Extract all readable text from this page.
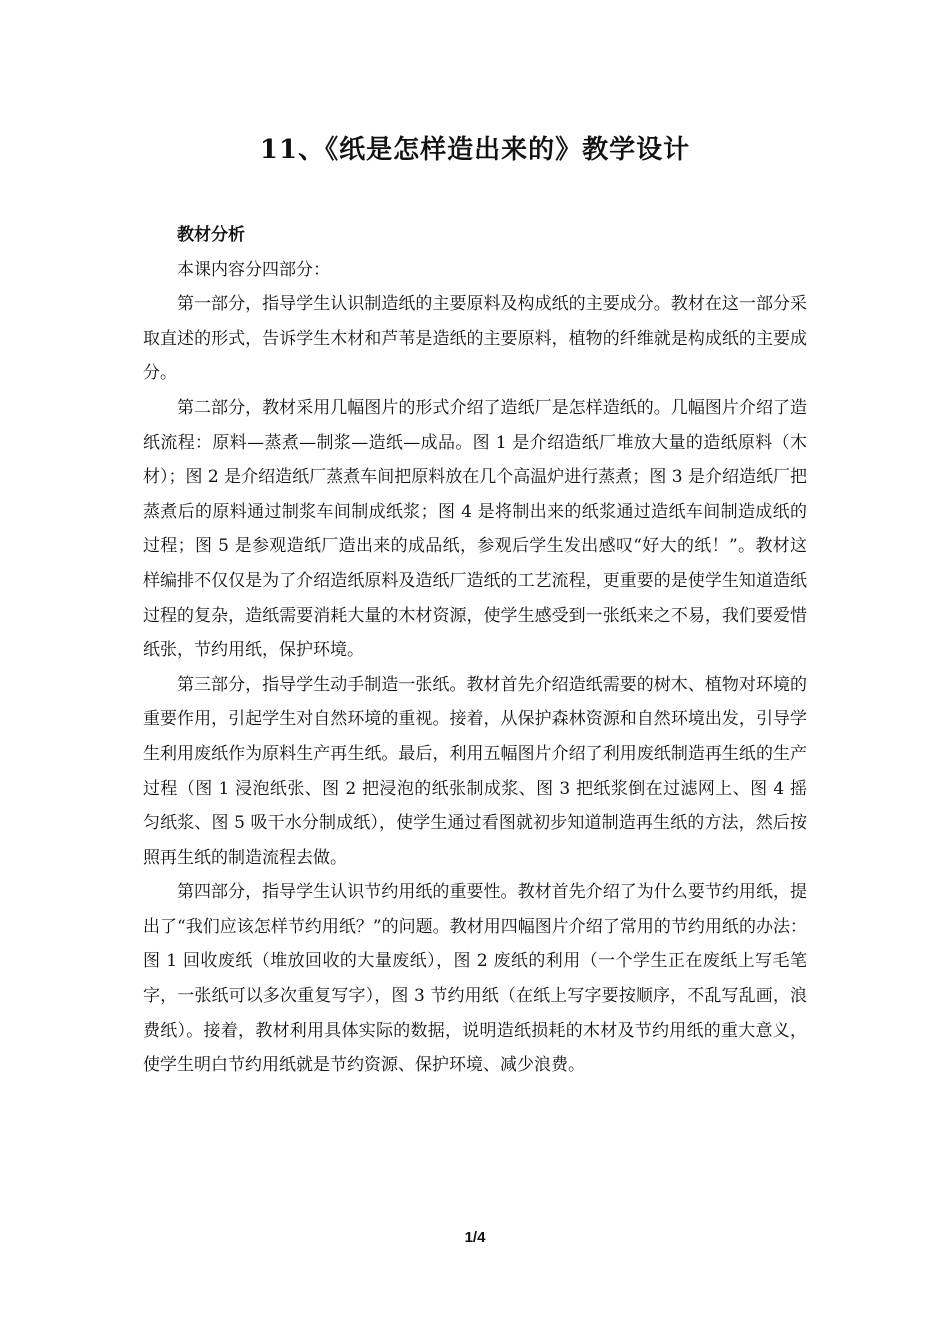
11、《纸是怎样造出来的》教学设计

教材分析

本课内容分四部分：

第一部分，指导学生认识制造纸的主要原料及构成纸的主要成分。教材在这一部分采取直述的形式，告诉学生木材和芦苇是造纸的主要原料，植物的纤维就是构成纸的主要成分。

第二部分，教材采用几幅图片的形式介绍了造纸厂是怎样造纸的。几幅图片介绍了造纸流程：原料—蒸煮—制浆—造纸—成品。图 1 是介绍造纸厂堆放大量的造纸原料（木材）；图 2 是介绍造纸厂蒸煮车间把原料放在几个高温炉进行蒸煮；图 3 是介绍造纸厂把蒸煮后的原料通过制浆车间制成纸浆；图 4 是将制出来的纸浆通过造纸车间制造成纸的过程；图 5 是参观造纸厂造出来的成品纸，参观后学生发出感叹“好大的纸！”。教材这样编排不仅仅是为了介绍造纸原料及造纸厂造纸的工艺流程，更重要的是使学生知道造纸过程的复杂，造纸需要消耗大量的木材资源，使学生感受到一张纸来之不易，我们要爱惜纸张，节约用纸，保护环境。

第三部分，指导学生动手制造一张纸。教材首先介绍造纸需要的树木、植物对环境的重要作用，引起学生对自然环境的重视。接着，从保护森林资源和自然环境出发，引导学生利用废纸作为原料生产再生纸。最后，利用五幅图片介绍了利用废纸制造再生纸的生产过程（图 1 浸泡纸张、图 2 把浸泡的纸张制成浆、图 3 把纸浆倒在过滤网上、图 4 摇匀纸浆、图 5 吸干水分制成纸），使学生通过看图就初步知道制造再生纸的方法，然后按照再生纸的制造流程去做。

第四部分，指导学生认识节约用纸的重要性。教材首先介绍了为什么要节约用纸，提出了“我们应该怎样节约用纸？”的问题。教材用四幅图片介绍了常用的节约用纸的办法：图 1 回收废纸（堆放回收的大量废纸），图 2 废纸的利用（一个学生正在废纸上写毛笔字，一张纸可以多次重复写字），图 3 节约用纸（在纸上写字要按顺序，不乱写乱画，浪费纸）。接着，教材利用具体实际的数据，说明造纸损耗的木材及节约用纸的重大意义，使学生明白节约用纸就是节约资源、保护环境、减少浪费。

1/4
